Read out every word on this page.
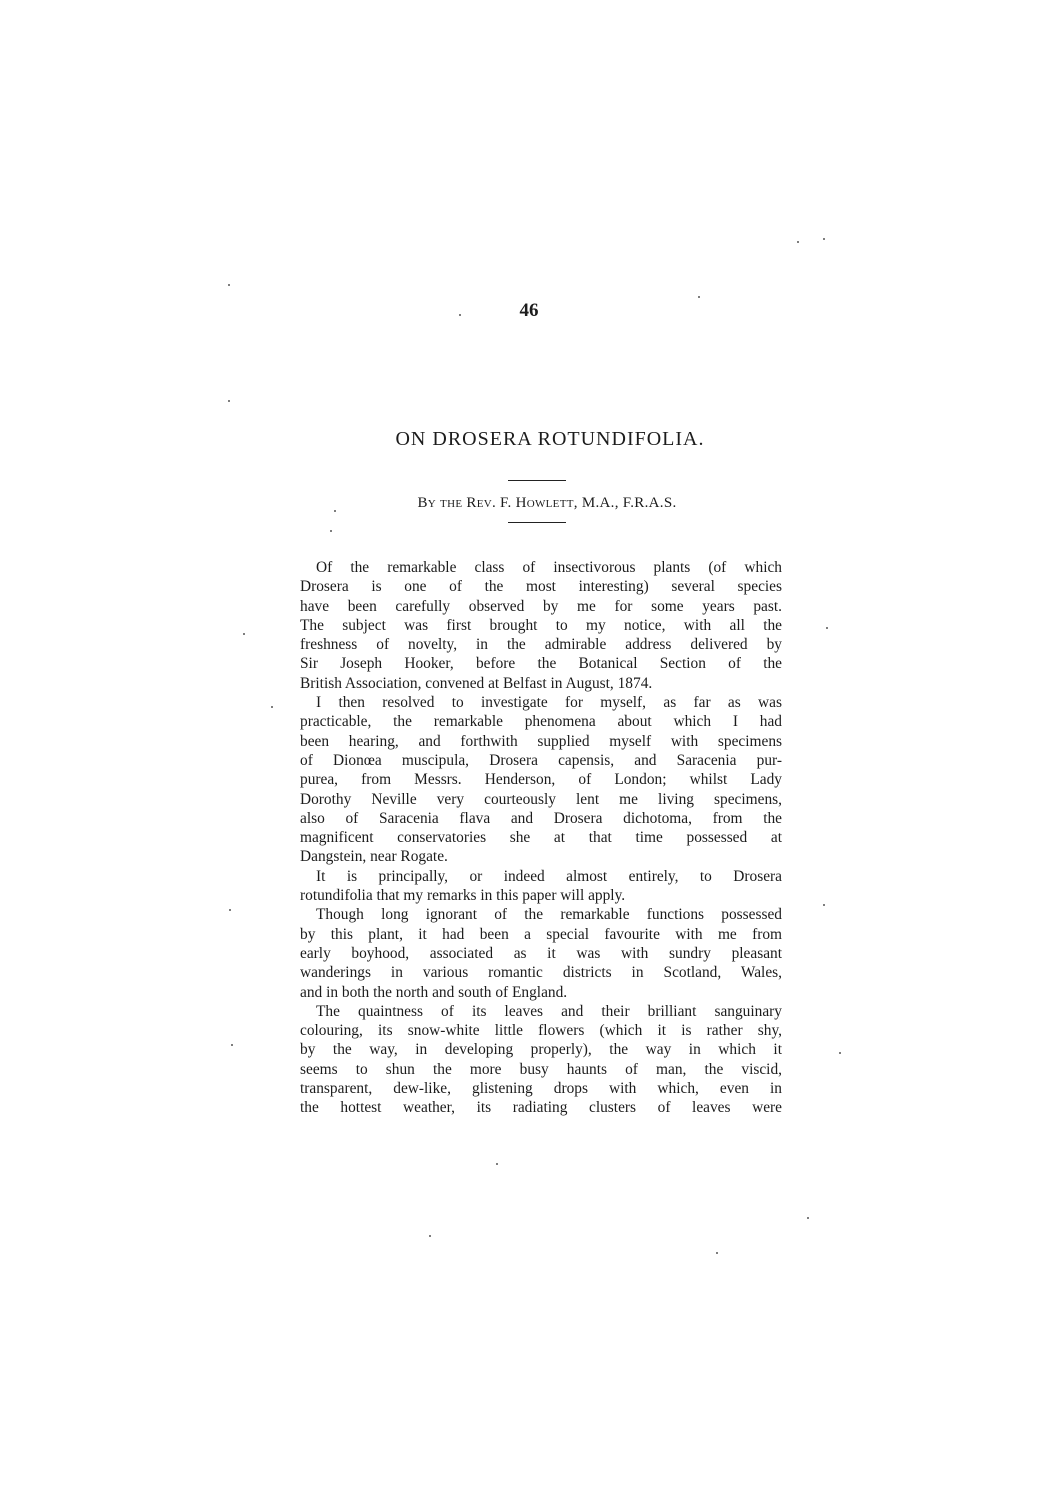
46
ON DROSERA ROTUNDIFOLIA.
By the Rev. F. Howlett, M.A., F.R.A.S.

Of the remarkable class of insectivorous plants (of which
Drosera is one of the most interesting) several species
have been carefully observed by me for some years past.
The subject was first brought to my notice, with all the
freshness of novelty, in the admirable address delivered by
Sir Joseph Hooker, before the Botanical Section of the
British Association, convened at Belfast in August, 1874.

I then resolved to investigate for myself, as far as was
practicable, the remarkable phenomena about which I had
been hearing, and forthwith supplied myself with specimens
of Dionœa muscipula, Drosera capensis, and Saracenia pur-
purea, from Messrs. Henderson, of London; whilst Lady
Dorothy Neville very courteously lent me living specimens,
also of Saracenia flava and Drosera dichotoma, from the
magnificent conservatories she at that time possessed at
Dangstein, near Rogate.

It is principally, or indeed almost entirely, to Drosera
rotundifolia that my remarks in this paper will apply.

Though long ignorant of the remarkable functions possessed
by this plant, it had been a special favourite with me from
early boyhood, associated as it was with sundry pleasant
wanderings in various romantic districts in Scotland, Wales,
and in both the north and south of England.

The quaintness of its leaves and their brilliant sanguinary
colouring, its snow-white little flowers (which it is rather shy,
by the way, in developing properly), the way in which it
seems to shun the more busy haunts of man, the viscid,
transparent, dew-like, glistening drops with which, even in
the hottest weather, its radiating clusters of leaves were
